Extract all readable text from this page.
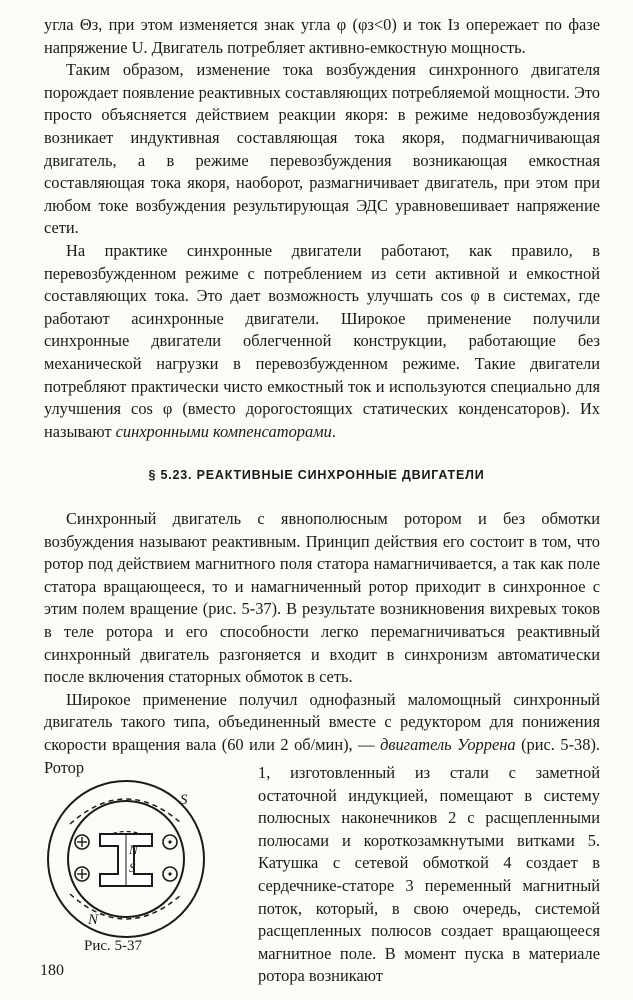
угла Θз, при этом изменяется знак угла φ (φз<0) и ток Iз опережает по фазе напряжение U. Двигатель потребляет активно-емкостную мощность.

Таким образом, изменение тока возбуждения синхронного двигателя порождает появление реактивных составляющих потребляемой мощности. Это просто объясняется действием реакции якоря: в режиме недовозбуждения возникает индуктивная составляющая тока якоря, подмагничивающая двигатель, а в режиме перевозбуждения возникающая емкостная составляющая тока якоря, наоборот, размагничивает двигатель, при этом при любом токе возбуждения результирующая ЭДС уравновешивает напряжение сети.

На практике синхронные двигатели работают, как правило, в перевозбужденном режиме с потреблением из сети активной и емкостной составляющих тока. Это дает возможность улучшать cos φ в системах, где работают асинхронные двигатели. Широкое применение получили синхронные двигатели облегченной конструкции, работающие без механической нагрузки в перевозбужденном режиме. Такие двигатели потребляют практически чисто емкостный ток и используются специально для улучшения cos φ (вместо дорогостоящих статических конденсаторов). Их называют синхронными компенсаторами.

§ 5.23. РЕАКТИВНЫЕ СИНХРОННЫЕ ДВИГАТЕЛИ

Синхронный двигатель с явнополюсным ротором и без обмотки возбуждения называют реактивным. Принцип действия его состоит в том, что ротор под действием магнитного поля статора намагничивается, а так как поле статора вращающееся, то и намагниченный ротор приходит в синхронное с этим полем вращение (рис. 5-37). В результате возникновения вихревых токов в теле ротора и его способности легко перемагничиваться реактивный синхронный двигатель разгоняется и входит в синхронизм автоматически после включения статорных обмоток в сеть.

Широкое применение получил однофазный маломощный синхронный двигатель такого типа, объединенный вместе с редуктором для понижения скорости вращения вала (60 или 2 об/мин), — двигатель Уоррена (рис. 5-38). Ротор	1, изготовленный из стали с заметной остаточной индукцией, помещают в систему полюсных наконечников 2 с расщепленными полюсами и короткозамкнутыми витками 5. Катушка с сетевой обмоткой 4 создает в сердечнике-статоре 3 переменный магнитный поток, который, в свою очередь, системой расщепленных полюсов создает вращающееся магнитное поле. В момент пуска в материале ротора возникают
S
N
N
S
Рис. 5-37
180
